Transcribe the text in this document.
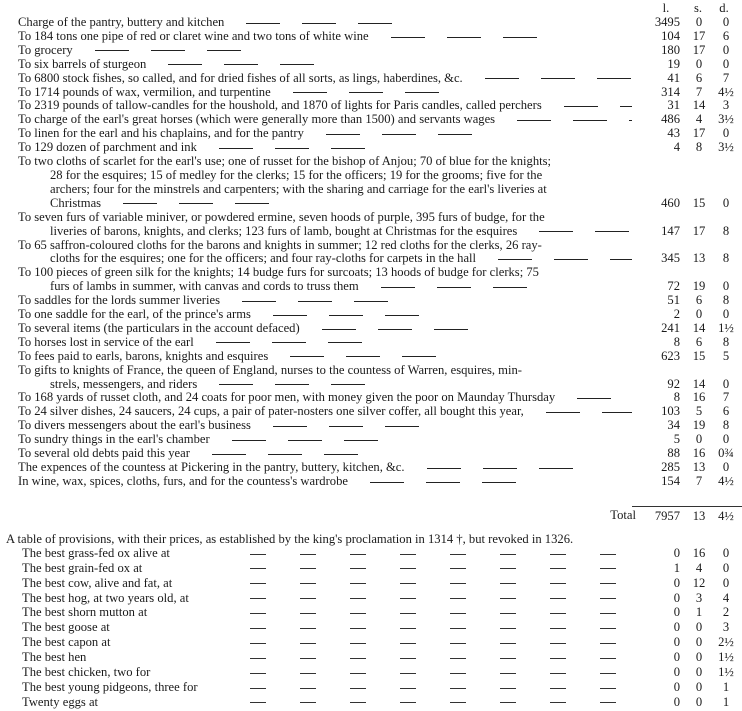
l.	s.	d.
Charge of the pantry, buttery and kitchen	3495	0	0
To 184 tons one pipe of red or claret wine and two tons of white wine	104	17	6
To grocery	180	17	0
To six barrels of sturgeon	19	0	0
To 6800 stock fishes, so called, and for dried fishes of all sorts, as lings, haberdines, &c.	41	6	7
To 1714 pounds of wax, vermilion, and turpentine	314	7	4½
To 2319 pounds of tallow-candles for the houshold, and 1870 of lights for Paris candles, called perchers	31	14	3
To charge of the earl's great horses (which were generally more than 1500) and servants wages	486	4	3½
To linen for the earl and his chaplains, and for the pantry	43	17	0
To 129 dozen of parchment and ink	4	8	3½
To two cloths of scarlet for the earl's use; one of russet for the bishop of Anjou; 70 of blue for the knights;
28 for the esquires; 15 of medley for the clerks; 15 for the officers; 19 for the grooms; five for the
archers; four for the minstrels and carpenters; with the sharing and carriage for the earl's liveries at
Christmas	460	15	0
To seven furs of variable miniver, or powdered ermine, seven hoods of purple, 395 furs of budge, for the
liveries of barons, knights, and clerks; 123 furs of lamb, bought at Christmas for the esquires	147	17	8
To 65 saffron-coloured cloths for the barons and knights in summer; 12 red cloths for the clerks, 26 ray-
cloths for the esquires; one for the officers; and four ray-cloths for carpets in the hall	345	13	8
To 100 pieces of green silk for the knights; 14 budge furs for surcoats; 13 hoods of budge for clerks; 75
furs of lambs in summer, with canvas and cords to truss them	72	19	0
To saddles for the lords summer liveries	51	6	8
To one saddle for the earl, of the prince's arms	2	0	0
To several items (the particulars in the account defaced)	241	14	1½
To horses lost in service of the earl	8	6	8
To fees paid to earls, barons, knights and esquires	623	15	5
To gifts to knights of France, the queen of England, nurses to the countess of Warren, esquires, min-
strels, messengers, and riders	92	14	0
To 168 yards of russet cloth, and 24 coats for poor men, with money given the poor on Maunday Thursday	8	16	7
To 24 silver dishes, 24 saucers, 24 cups, a pair of pater-nosters one silver coffer, all bought this year,	103	5	6
To divers messengers about the earl's business	34	19	8
To sundry things in the earl's chamber	5	0	0
To several old debts paid this year	88	16	0¾
The expences of the countess at Pickering in the pantry, buttery, kitchen, &c.	285	13	0
In wine, wax, spices, cloths, furs, and for the countess's wardrobe	154	7	4½
Total 7957	13	4½
A table of provisions, with their prices, as established by the king's proclamation in 1314 †, but revoked in 1326.
The best grass-fed ox alive at	0	16	0
The best grain-fed ox at	1	4	0
The best cow, alive and fat, at	0	12	0
The best hog, at two years old, at	0	3	4
The best shorn mutton at	0	1	2
The best goose at	0	0	3
The best capon at	0	0	2½
The best hen	0	0	1½
The best chicken, two for	0	0	1½
The best young pidgeons, three for	0	0	1
Twenty eggs at	0	0	1
